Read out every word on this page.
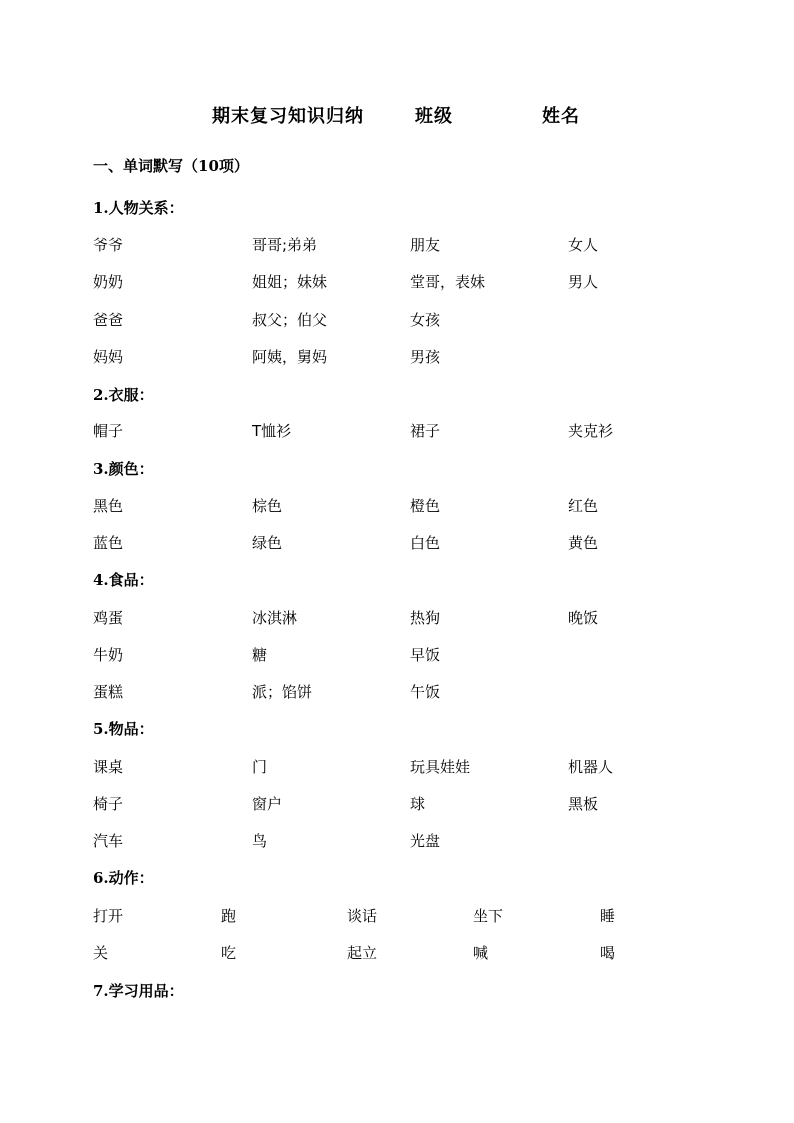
期末复习知识归纳	班级	姓名
一、单词默写（10项）
1.人物关系：
爷爷	哥哥;弟弟	朋友	女人
奶奶	姐姐；妹妹	堂哥，表妹	男人
爸爸	叔父；伯父	女孩
妈妈	阿姨，舅妈	男孩
2.衣服：
帽子	T恤衫	裙子	夹克衫
3.颜色：
黑色	棕色	橙色	红色
蓝色	绿色	白色	黄色
4.食品：
鸡蛋	冰淇淋	热狗	晚饭
牛奶	糖	早饭
蛋糕	派；馅饼	午饭
5.物品：
课桌	门	玩具娃娃	机器人
椅子	窗户	球	黑板
汽车	鸟	光盘
6.动作：
打开	跑	谈话	坐下	睡
关	吃	起立	喊	喝
7.学习用品：
